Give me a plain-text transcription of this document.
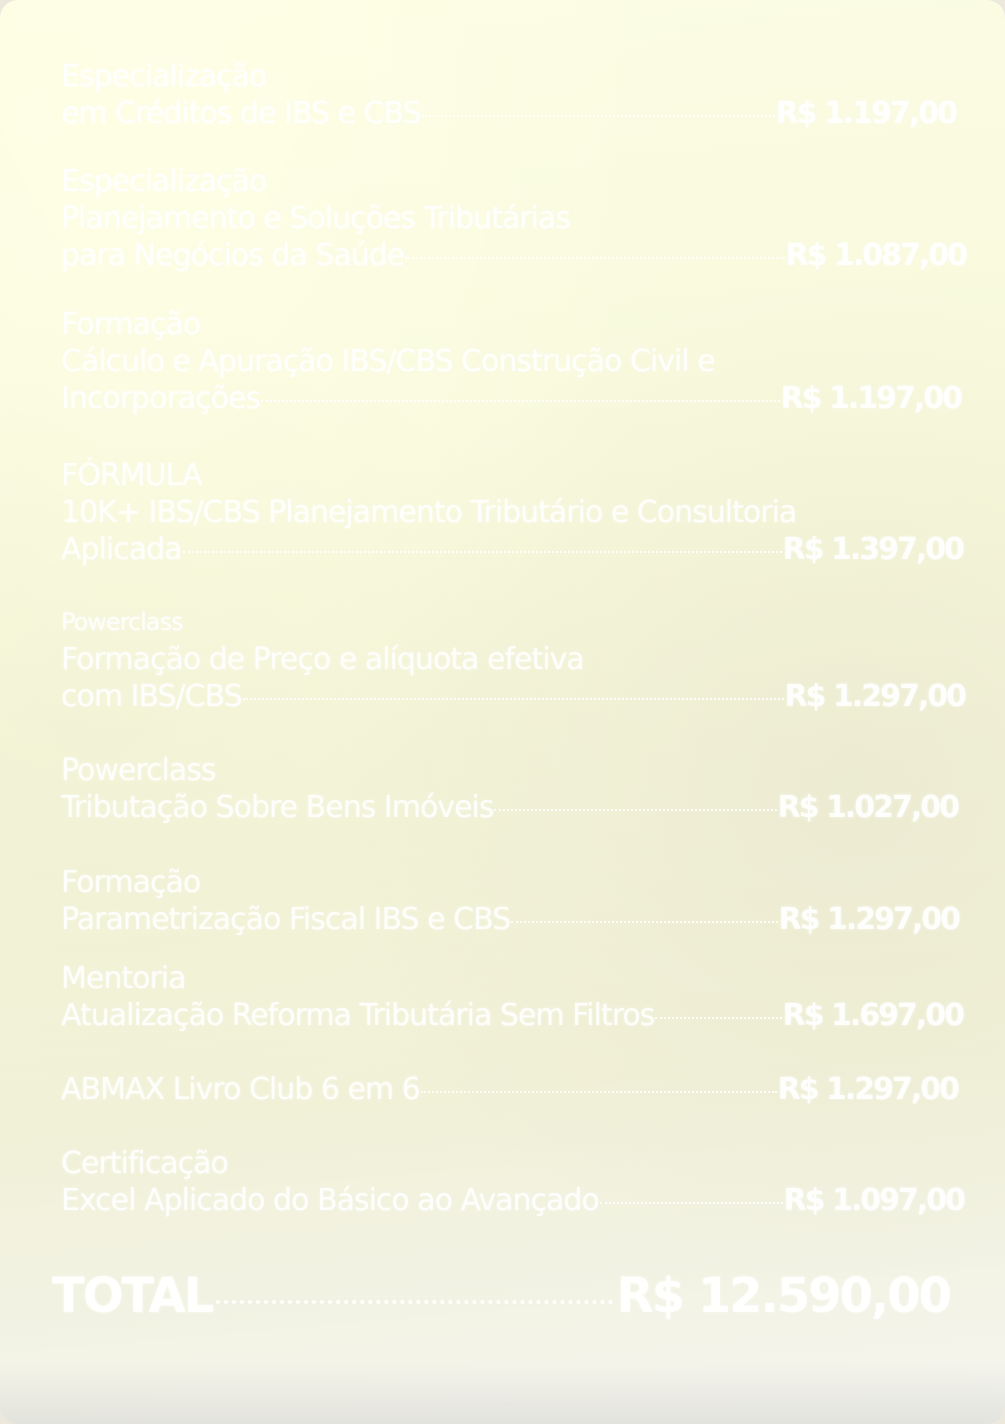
Especialização
em Créditos de IBS e CBS	R$ 1.197,00
Especialização
Planejamento e Soluções Tributárias
para Negócios da Saúde	R$ 1.087,00
Formação
Cálculo e Apuração IBS/CBS Construção Civil e
Incorporações	R$ 1.197,00
FÓRMULA
10K+ IBS/CBS Planejamento Tributário e Consultoria
Aplicada	R$ 1.397,00
Powerclass
Formação de Preço e alíquota efetiva
com IBS/CBS	R$ 1.297,00
Powerclass
Tributação Sobre Bens Imóveis	R$ 1.027,00
Formação
Parametrização Fiscal IBS e CBS	R$ 1.297,00
Mentoria
Atualização Reforma Tributária Sem Filtros	R$ 1.697,00
ABMAX Livro Club 6 em 6	R$ 1.297,00
Certificação
Excel Aplicado do Básico ao Avançado	R$ 1.097,00
TOTAL	R$ 12.590,00
